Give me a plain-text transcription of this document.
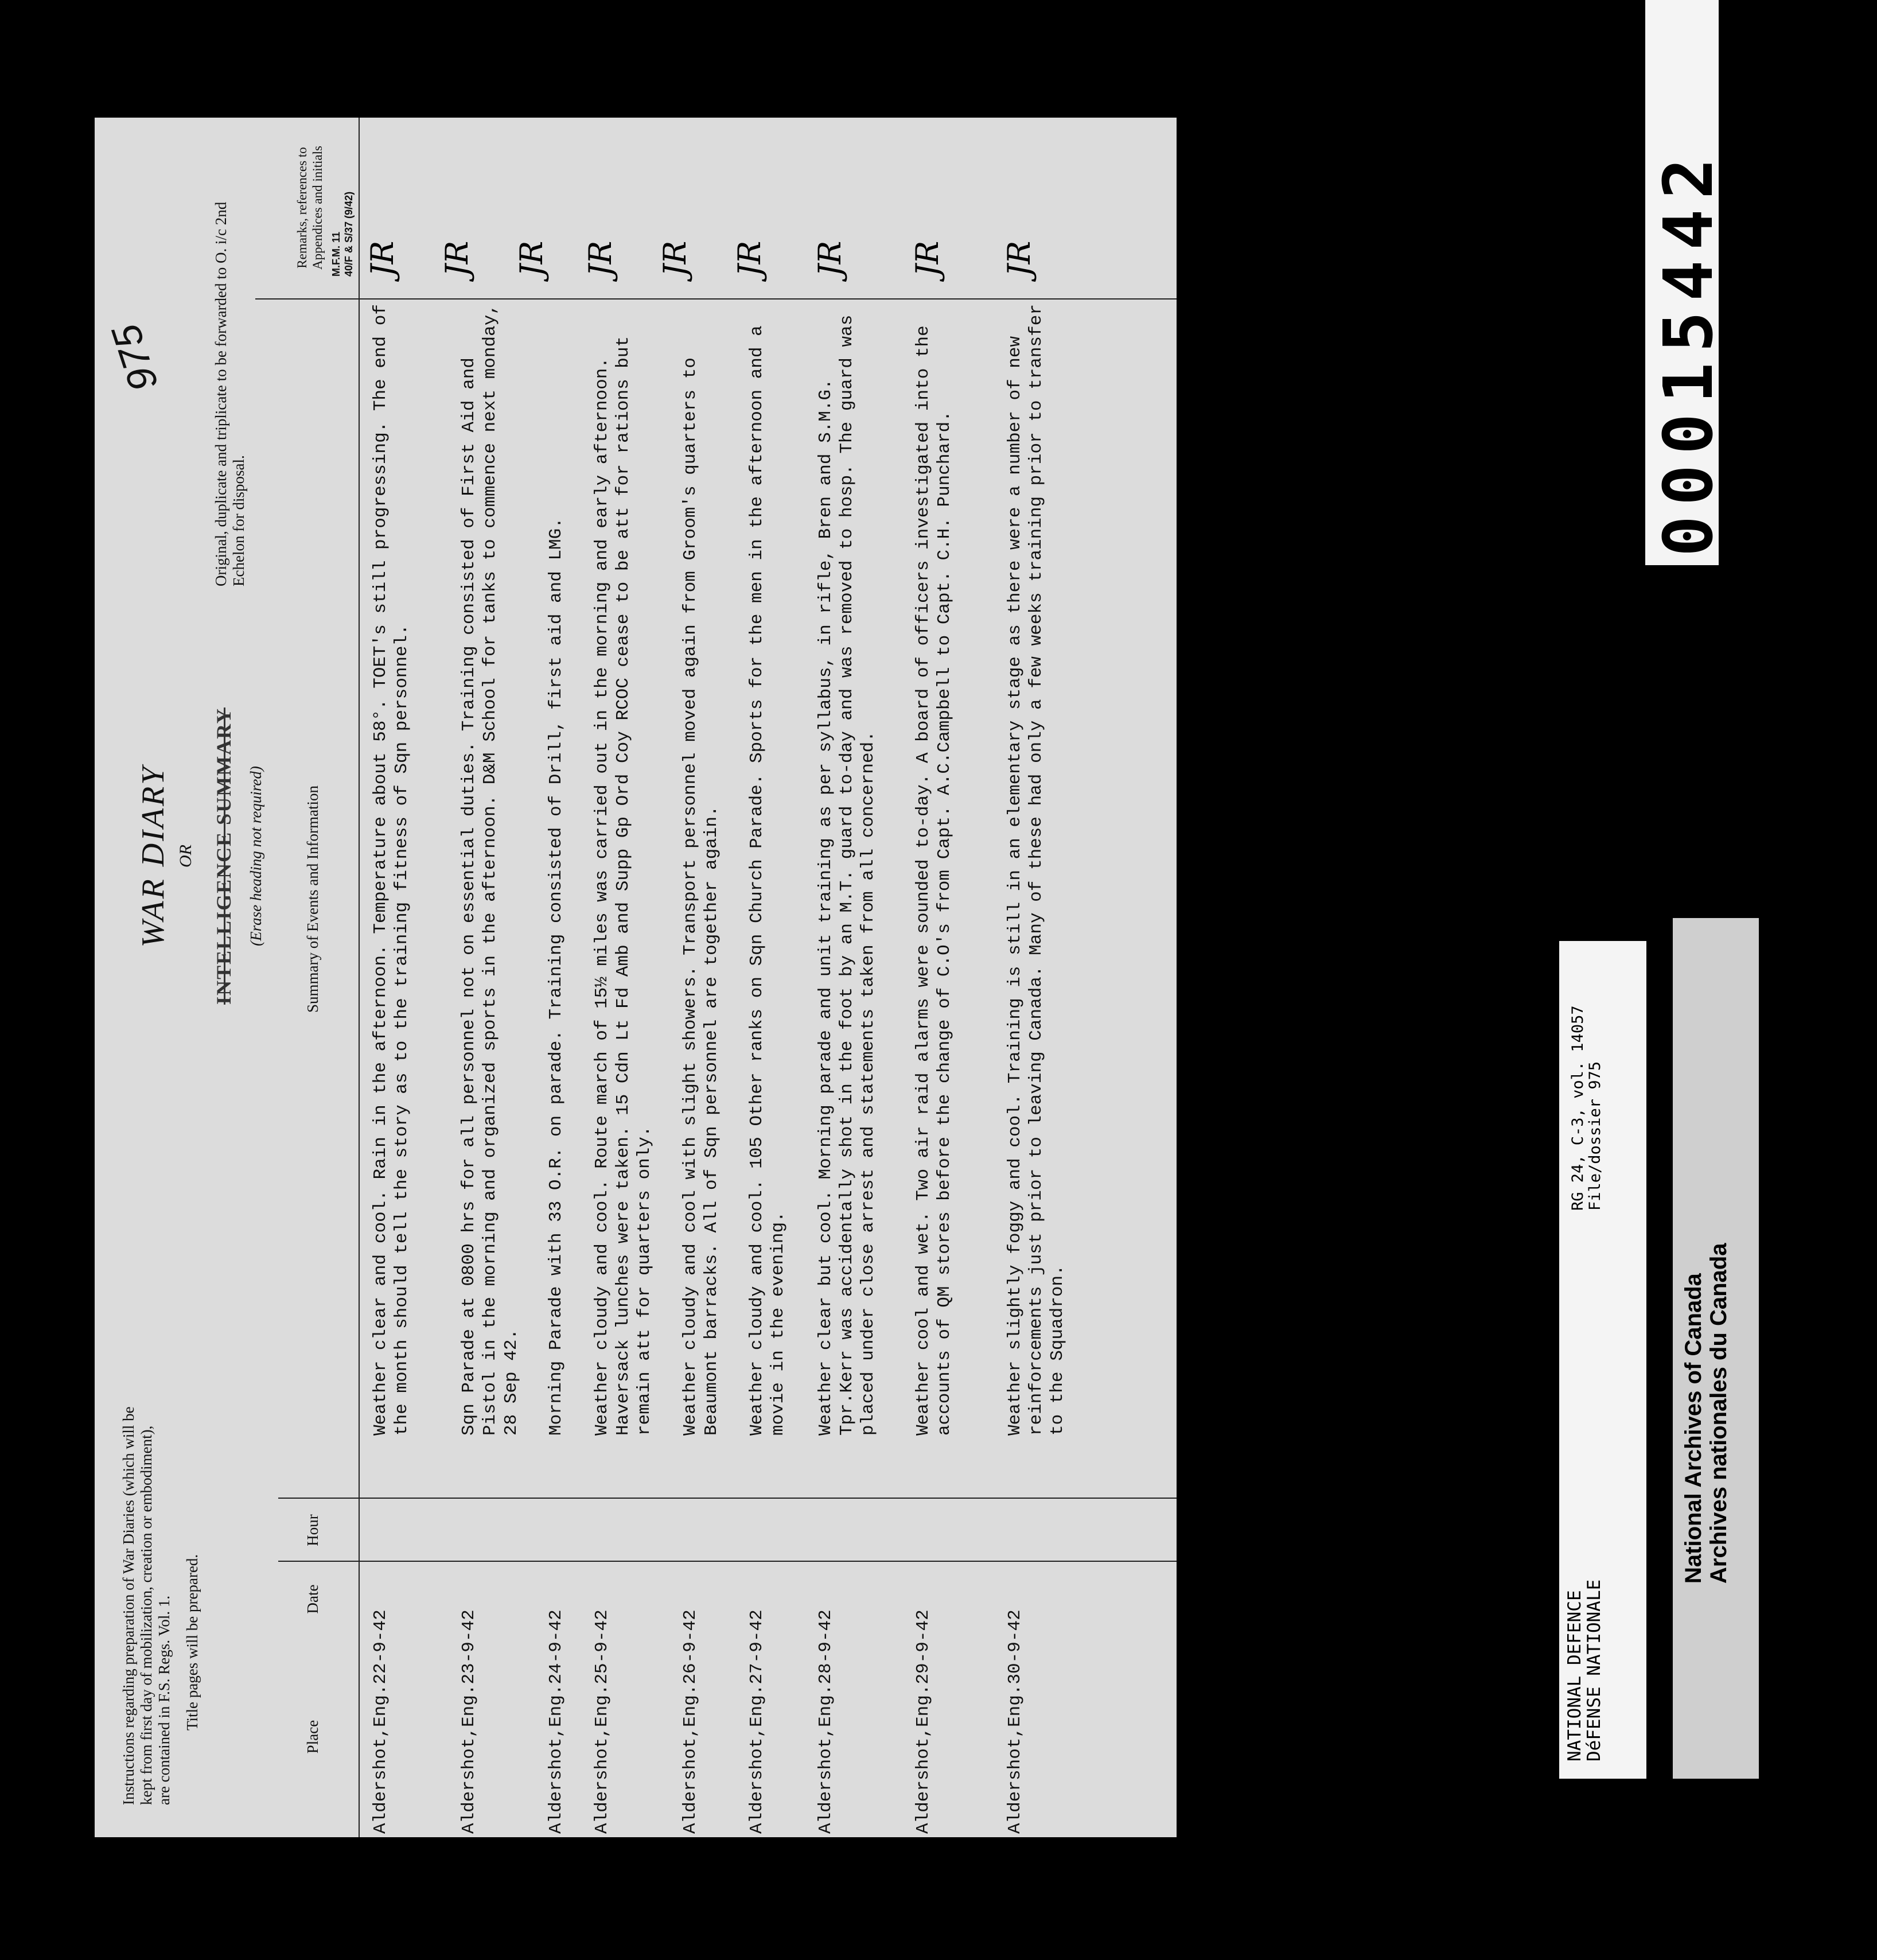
Instructions regarding preparation of War Diaries (which will be kept from first day of mobilization, creation or embodiment), are contained in F.S. Regs. Vol. 1. Title pages will be prepared.
WAR DIARY OR INTELLIGENCE SUMMARY (Erase heading not required)
975	Original, duplicate and triplicate to be forwarded to O. i/c 2nd Echelon for disposal.
M.F.M. 11 40/F & S/37 (9/42)
Place
Date
Hour
Summary of Events and Information
Remarks, references to Appendices and initials
Aldershot,Eng.22-9-42
Weather clear and cool. Rain in the afternoon. Temperature about 58°. TOET's still progressing. The end of the month should tell the story as to the training fitness of Sqn personnel.
JR
Aldershot,Eng.23-9-42
Sqn Parade at 0800 hrs for all personnel not on essential duties. Training consisted of First Aid and Pistol in the morning and organized sports in the afternoon. D&M School for tanks to commence next monday, 28 Sep 42.
JR
Aldershot,Eng.24-9-42
Morning Parade with 33 O.R. on parade. Training consisted of Drill, first aid and LMG.
JR
Aldershot,Eng.25-9-42
Weather cloudy and cool. Route march of 15½ miles was carried out in the morning and early afternoon. Haversack lunches were taken. 15 Cdn Lt Fd Amb and Supp Gp Ord Coy RCOC cease to be att for rations but remain att for quarters only.
JR
Aldershot,Eng.26-9-42
Weather cloudy and cool with slight showers. Transport personnel moved again from Groom's quarters to Beaumont barracks. All of Sqn personnel are together again.
JR
Aldershot,Eng.27-9-42
Weather cloudy and cool. 105 Other ranks on Sqn Church Parade. Sports for the men in the afternoon and a movie in the evening.
JR
Aldershot,Eng.28-9-42
Weather clear but cool. Morning parade and unit training as per syllabus, in rifle, Bren and S.M.G. Tpr.Kerr was accidentally shot in the foot by an M.T. guard to-day and was removed to hosp. The guard was placed under close arrest and statements taken from all concerned.
JR
Aldershot,Eng.29-9-42
Weather cool and wet. Two air raid alarms were sounded to-day. A board of officers investigated into the accounts of QM stores before the change of C.O's from Capt. A.C.Campbell to Capt. C.H. Punchard.
JR
Aldershot,Eng.30-9-42
Weather slightly foggy and cool. Training is still in an elementary stage as there were a number of new reinforcements just prior to leaving Canada. Many of these had only a few weeks training prior to transfer to the Squadron.
JR	00015442
NATIONAL DEFENCE
DéFENSE NATIONALE
RG 24, C-3, vol. 14057 File/dossier 975
National Archives of Canada Archives nationales du Canada
